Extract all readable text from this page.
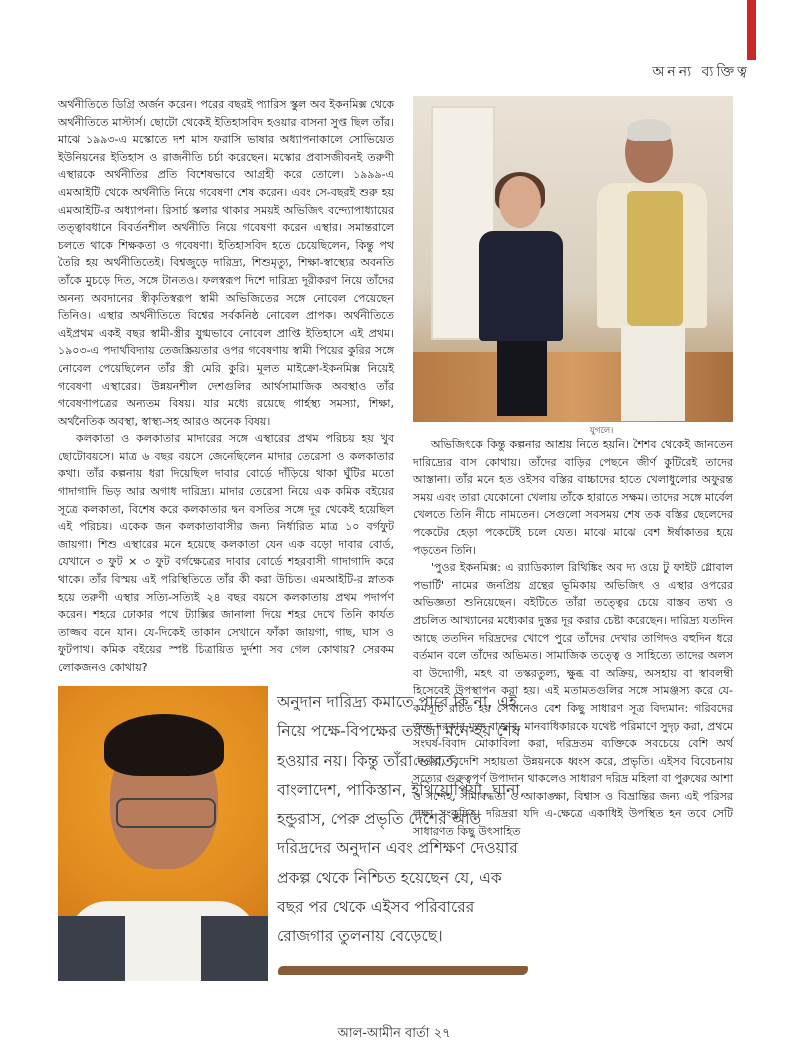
অনন্য ব্যক্তিত্ব

অর্থনীতিতে ডিগ্রি অর্জন করেন। পরের বছরই প্যারিস স্কুল অব ইকনমিক্স থেকে অর্থনীতিতে মাস্টার্স। ছোটো থেকেই ইতিহাসবিদ হওয়ার বাসনা সুপ্ত ছিল তাঁর। মাঝে ১৯৯৩-এ মস্কোতে দশ মাস ফরাসি ভাষার অধ্যাপনাকালে সোভিয়েত ইউনিয়নের ইতিহাস ও রাজনীতি চর্চা করেছেন। মস্কোর প্রবাসজীবনই তরুণী এস্থারকে অর্থনীতির প্রতি বিশেষভাবে আগ্রহী করে তোলে। ১৯৯৯-এ এমআইটি থেকে অর্থনীতি নিয়ে গবেষণা শেষ করেন। এবং সে-বছরই শুরু হয় এমআইটি-র অধ্যাপনা। রিসার্চ স্কলার থাকার সময়ই অভিজিৎ বন্দ্যোপাধ্যায়ের তত্ত্বাবধানে বিবর্তনশীল অর্থনীতি নিয়ে গবেষণা করেন এস্থার। সমান্তরালে চলতে থাকে শিক্ষকতা ও গবেষণা। ইতিহাসবিদ হতে চেয়েছিলেন, কিন্তু পথ তৈরি হয় অর্থনীতিতেই। বিশ্বজুড়ে দারিদ্র্য, শিশুমৃত্যু, শিক্ষা-স্বাস্থ্যের অবনতি তাঁকে মুচড়ে দিত, সঙ্গে টানতও। ফলস্বরূপ দিশে দারিদ্র্য দূরীকরণ নিয়ে তাঁদের অনন্য অবদানের স্বীকৃতিস্বরূপ স্বামী অভিজিতের সঙ্গে নোবেল পেয়েছেন তিনিও। এস্থার অর্থনীতিতে বিশ্বের সর্বকনিষ্ঠ নোবেল প্রাপক। অর্থনীতিতে এইপ্রথম একই বছর স্বামী-স্ত্রীর যুগ্মভাবে নোবেল প্রাপ্তি ইতিহাসে এই প্রথম। ১৯০৩-এ পদার্থবিদ্যায় তেজস্ক্রিয়তার ওপর গবেষণায় স্বামী পিয়ের কুরির সঙ্গে নোবেল পেয়েছিলেন তাঁর স্ত্রী মেরি কুরি। মূলত মাইক্রো-ইকনমিক্স নিয়েই গবেষণা এস্থারের। উন্নয়নশীল দেশগুলির আর্থসামাজিক অবস্থাও তাঁর গবেষণাপত্রের অন্যতম বিষয়। যার মধ্যে রয়েছে গার্হস্থ্য সমস্যা, শিক্ষা, অর্থনৈতিক অবস্থা, স্বাস্থ্য-সহ আরও অনেক বিষয়।

কলকাতা ও কলকাতার মাদারের সঙ্গে এস্থারের প্রথম পরিচয় হয় খুব ছোটোবয়সে। মাত্র ৬ বছর বয়সে জেনেছিলেন মাদার তেরেসা ও কলকাতার কথা। তাঁর কল্পনায় ধরা দিয়েছিল দাবার বোর্ডে দাঁড়িয়ে থাকা ঘুঁটির মতো গাদাগাদি ভিড় আর অগাধ দারিদ্র্য। মাদার তেরেসা নিয়ে এক কমিক বইয়ের সূত্রে কলকাতা, বিশেষ করে কলকাতার দ্বন বসতির সঙ্গে দূর থেকেই হয়েছিল এই পরিচয়। একেক জন কলকাতাবাসীর জন্য নির্ধারিত মাত্র ১০ বর্গফুট জায়গা। শিশু এস্থারের মনে হয়েছে কলকাতা যেন এক বড়ো দাবার বোর্ড, যেখানে ৩ ফুট × ৩ ফুট বর্গক্ষেত্রের দাবার বোর্ডে শহরবাসী গাদাগাদি করে থাকে। তাঁর বিস্ময় এই পরিস্থিতিতে তাঁর কী করা উচিত। এমআইটি-র স্নাতক হয়ে তরুণী এস্থার সত্যি-সত্যিই ২৪ বছর বয়সে কলকাতায় প্রথম পদার্পণ করেন। শহরে ঢোকার পথে ট্যাক্সির জানালা দিয়ে শহর দেখে তিনি কার্যত তাজ্জব বনে যান। যে-দিকেই তাকান সেখানে ফাঁকা জায়গা, গাছ, ঘাস ও ফুটপাথ। কমিক বইয়ের স্পষ্ট চিত্রায়িত দুর্দশা সব গেল কোথায়? সেরকম লোকজনও কোথায়?

যুগলে।

অভিজিৎকে কিন্তু কল্পনার আশ্রয় নিতে হয়নি। শৈশব থেকেই জানতেন দারিদ্র্যের বাস কোথায়। তাঁদের বাড়ির পেছনে জীর্ণ কুটিরেই তাদের আস্তানা। তাঁর মনে হত ওইসব বস্তির বাচ্চাদের হাতে খেলাধুলোর অফুরন্ত সময় এবং তারা যেকোনো খেলায় তাঁকে হারাতে সক্ষম। তাদের সঙ্গে মার্বেল খেলতে তিনি নীচে নামতেন। সেগুলো সবসময় শেষ তক বস্তির ছেলেদের পকেটের হেড়া পকেটেই চলে যেত। মাঝে মাঝে বেশ ঈর্ষাকাতর হয়ে পড়তেন তিনি।

'পুওর ইকনমিক্স: এ র‍্যাডিক্যাল রিথিঙ্কিং অব দ্য ওয়ে টু ফাইট গ্লোবাল পভার্টি' নামের জনপ্রিয় গ্রন্থের ভূমিকায় অভিজিৎ ও এস্থার ওপরের অভিজ্ঞতা শুনিয়েছেন। বইটিতে তাঁরা তত্ত্বের চেয়ে বাস্তব তথ্য ও প্রচলিত আখ্যানের মধ্যেকার দুস্তর দূর করার চেষ্টা করেছেন। দারিদ্র্য যতদিন আছে ততদিন দরিদ্রদের খোপে পুরে তাঁদের দেখার তাগিদও বহুদিন ধরে বর্তমান বলে তাঁদের অভিমত। সামাজিক তত্ত্বে ও সাহিত্যে তাদের অলস বা উদ্যোগী, মহৎ বা তস্করতুল্য, ক্ষুব্ধ বা অক্রিয়, অসহায় বা স্বাবলম্বী হিসেবেই উপস্থাপন করা হয়। এই মতামতগুলির সঙ্গে সামঞ্জস্য করে যে-কর্মসূচি রচিত হয় সেখানেও বেশ কিছু সাধারণ সূত্র বিদ্যমান: গরিবদের জন্য দরকার মুক্ত বাজার, মানবাধিকারকে যথেষ্ট পরিমাণে সুদৃঢ় করা, প্রথমে সংঘর্ষ-বিবাদ মোকাবিলা করা, দরিদ্রতম ব্যক্তিকে সবচেয়ে বেশি অর্থ দেওয়া, বিদেশি সহায়তা উন্নয়নকে ধ্বংস করে, প্রভৃতি। এইসব বিবেচনায় সত্যের গুরুত্বপূর্ণ উপাদান থাকলেও সাধারণ দরিদ্র মহিলা বা পুরুষের আশা ও সন্দেহ, সীমাবদ্ধতা ও আকাঙ্ক্ষা, বিশ্বাস ও বিভ্রান্তির জন্য এই পরিসর লক্ষ্য সংকুচিত। দরিদ্ররা যদি এ-ক্ষেত্রে একাধিই উপস্থিত হন তবে সেটি সাধারণত কিছু উৎসাহিত

অনুদান দারিদ্র্য কমাতে পারে কি না, এই নিয়ে পক্ষে-বিপক্ষের তরজা মনে হয় শেষ হওয়ার নয়। কিন্তু তাঁরা ভারত, বাংলাদেশ, পাকিস্তান, ইথিয়োপিয়া, ঘানা, হন্ডুরাস, পেরু প্রভৃতি দেশের অতি দরিদ্রদের অনুদান এবং প্রশিক্ষণ দেওয়ার প্রকল্প থেকে নিশ্চিত হয়েছেন যে, এক বছর পর থেকে এইসব পরিবারের রোজগার তুলনায় বেড়েছে।
আল-আমীন বার্তা ২৭
